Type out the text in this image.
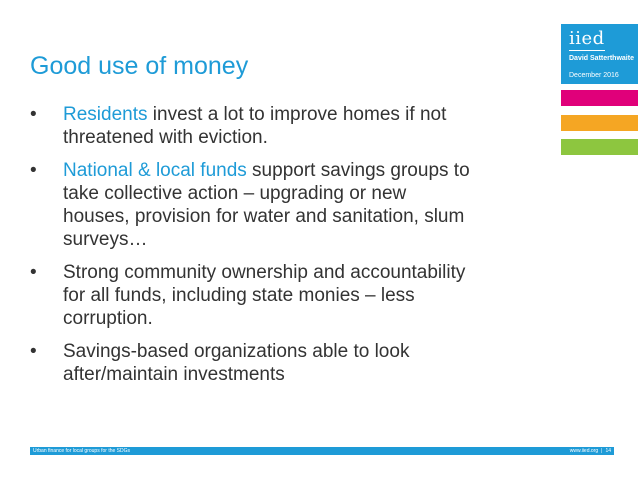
Good use of money
• Residents invest a lot to improve homes if not threatened with eviction.
• National & local funds support savings groups to take collective action – upgrading or new houses, provision for water and sanitation, slum surveys…
• Strong community ownership and accountability for all funds, including state monies – less corruption.
• Savings-based organizations able to look after/maintain investments
iied
David Satterthwaite
December 2016
Urban finance for local groups for the SDGs	www.iied.org | 14
